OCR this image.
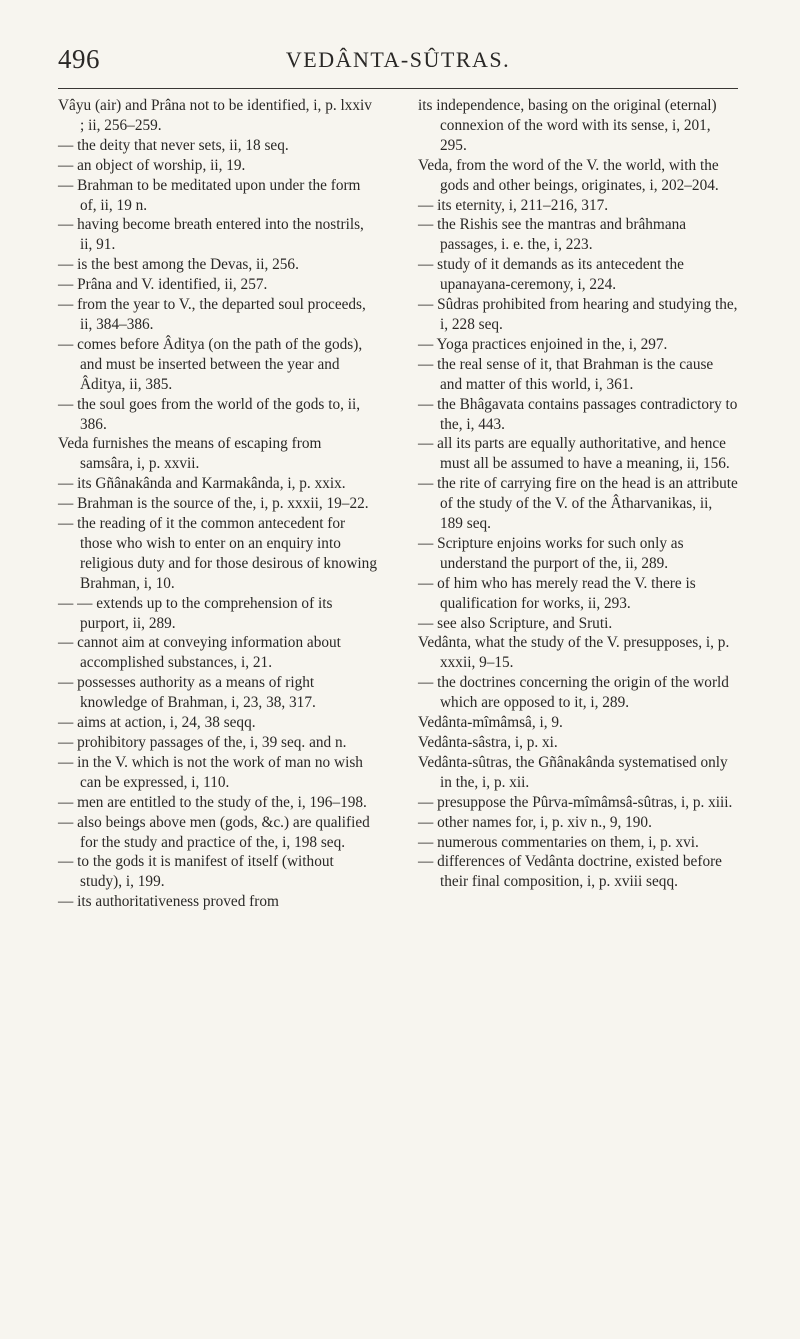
496	VEDÂNTA-SÛTRAS.
Vâyu (air) and Prâna not to be identified, i, p. lxxiv ; ii, 256–259.
— the deity that never sets, ii, 18 seq.
— an object of worship, ii, 19.
— Brahman to be meditated upon under the form of, ii, 19 n.
— having become breath entered into the nostrils, ii, 91.
— is the best among the Devas, ii, 256.
— Prâna and V. identified, ii, 257.
— from the year to V., the departed soul proceeds, ii, 384–386.
— comes before Âditya (on the path of the gods), and must be inserted between the year and Âditya, ii, 385.
— the soul goes from the world of the gods to, ii, 386.
Veda furnishes the means of escaping from samsâra, i, p. xxvii.
— its Gñânakânda and Karmakânda, i, p. xxix.
— Brahman is the source of the, i, p. xxxii, 19–22.
— the reading of it the common antecedent for those who wish to enter on an enquiry into religious duty and for those desirous of knowing Brahman, i, 10.
— — extends up to the comprehension of its purport, ii, 289.
— cannot aim at conveying information about accomplished substances, i, 21.
— possesses authority as a means of right knowledge of Brahman, i, 23, 38, 317.
— aims at action, i, 24, 38 seqq.
— prohibitory passages of the, i, 39 seq. and n.
— in the V. which is not the work of man no wish can be expressed, i, 110.
— men are entitled to the study of the, i, 196–198.
— also beings above men (gods, &c.) are qualified for the study and practice of the, i, 198 seq.
— to the gods it is manifest of itself (without study), i, 199.
— its authoritativeness proved from
its independence, basing on the original (eternal) connexion of the word with its sense, i, 201, 295.
Veda, from the word of the V. the world, with the gods and other beings, originates, i, 202–204.
— its eternity, i, 211–216, 317.
— the Rishis see the mantras and brâhmana passages, i. e. the, i, 223.
— study of it demands as its antecedent the upanayana-ceremony, i, 224.
— Sûdras prohibited from hearing and studying the, i, 228 seq.
— Yoga practices enjoined in the, i, 297.
— the real sense of it, that Brahman is the cause and matter of this world, i, 361.
— the Bhâgavata contains passages contradictory to the, i, 443.
— all its parts are equally authoritative, and hence must all be assumed to have a meaning, ii, 156.
— the rite of carrying fire on the head is an attribute of the study of the V. of the Âtharvanikas, ii, 189 seq.
— Scripture enjoins works for such only as understand the purport of the, ii, 289.
— of him who has merely read the V. there is qualification for works, ii, 293.
— see also Scripture, and Sruti.
Vedânta, what the study of the V. presupposes, i, p. xxxii, 9–15.
— the doctrines concerning the origin of the world which are opposed to it, i, 289.
Vedânta-mîmâmsâ, i, 9.
Vedânta-sâstra, i, p. xi.
Vedânta-sûtras, the Gñânakânda systematised only in the, i, p. xii.
— presuppose the Pûrva-mîmâmsâ-sûtras, i, p. xiii.
— other names for, i, p. xiv n., 9, 190.
— numerous commentaries on them, i, p. xvi.
— differences of Vedânta doctrine, existed before their final composition, i, p. xviii seqq.
